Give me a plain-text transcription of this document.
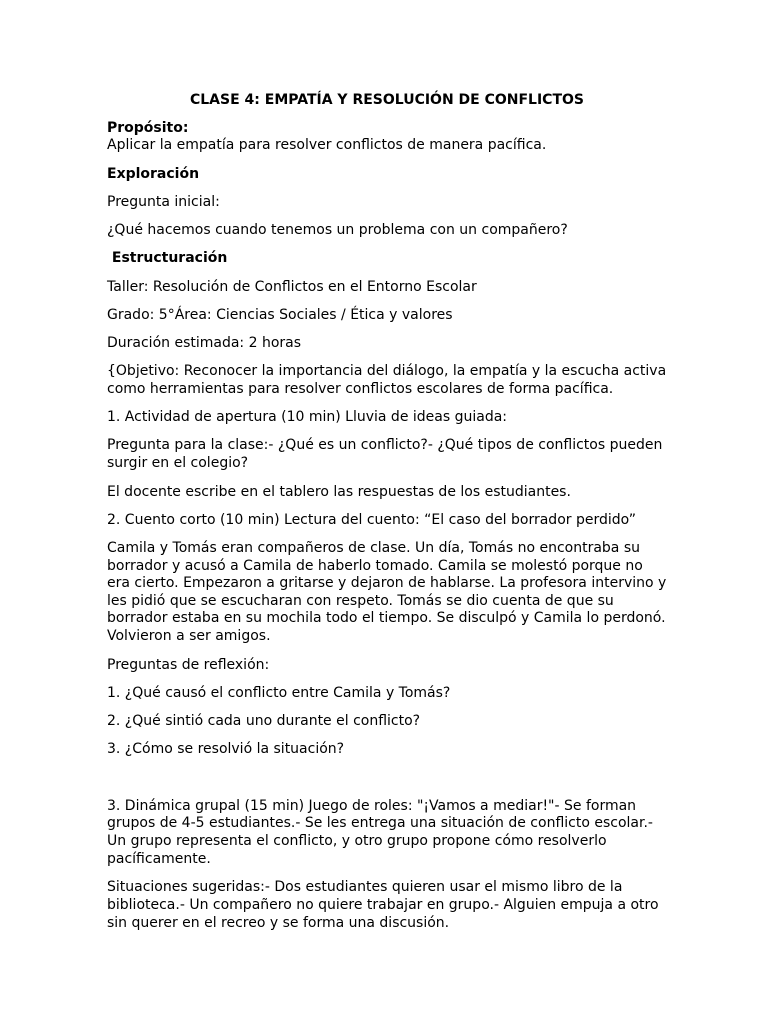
CLASE 4: EMPATÍA Y RESOLUCIÓN DE CONFLICTOS

Propósito:

Aplicar la empatía para resolver conflictos de manera pacífica.

Exploración

Pregunta inicial:

¿Qué hacemos cuando tenemos un problema con un compañero?

Estructuración

Taller: Resolución de Conflictos en el Entorno Escolar

Grado: 5°Área: Ciencias Sociales / Ética y valores

Duración estimada: 2 horas

{Objetivo: Reconocer la importancia del diálogo, la empatía y la escucha activa

como herramientas para resolver conflictos escolares de forma pacífica.

1. Actividad de apertura (10 min) Lluvia de ideas guiada:

Pregunta para la clase:- ¿Qué es un conflicto?- ¿Qué tipos de conflictos pueden

surgir en el colegio?

El docente escribe en el tablero las respuestas de los estudiantes.

2. Cuento corto (10 min) Lectura del cuento: “El caso del borrador perdido”

Camila y Tomás eran compañeros de clase. Un día, Tomás no encontraba su

borrador y acusó a Camila de haberlo tomado. Camila se molestó porque no

era cierto. Empezaron a gritarse y dejaron de hablarse. La profesora intervino y

les pidió que se escucharan con respeto. Tomás se dio cuenta de que su

borrador estaba en su mochila todo el tiempo. Se disculpó y Camila lo perdonó.

Volvieron a ser amigos.

Preguntas de reflexión:

1. ¿Qué causó el conflicto entre Camila y Tomás?

2. ¿Qué sintió cada uno durante el conflicto?

3. ¿Cómo se resolvió la situación?

3. Dinámica grupal (15 min) Juego de roles: "¡Vamos a mediar!"- Se forman

grupos de 4-5 estudiantes.- Se les entrega una situación de conflicto escolar.-

Un grupo representa el conflicto, y otro grupo propone cómo resolverlo

pacíficamente.

Situaciones sugeridas:- Dos estudiantes quieren usar el mismo libro de la

biblioteca.- Un compañero no quiere trabajar en grupo.- Alguien empuja a otro

sin querer en el recreo y se forma una discusión.
